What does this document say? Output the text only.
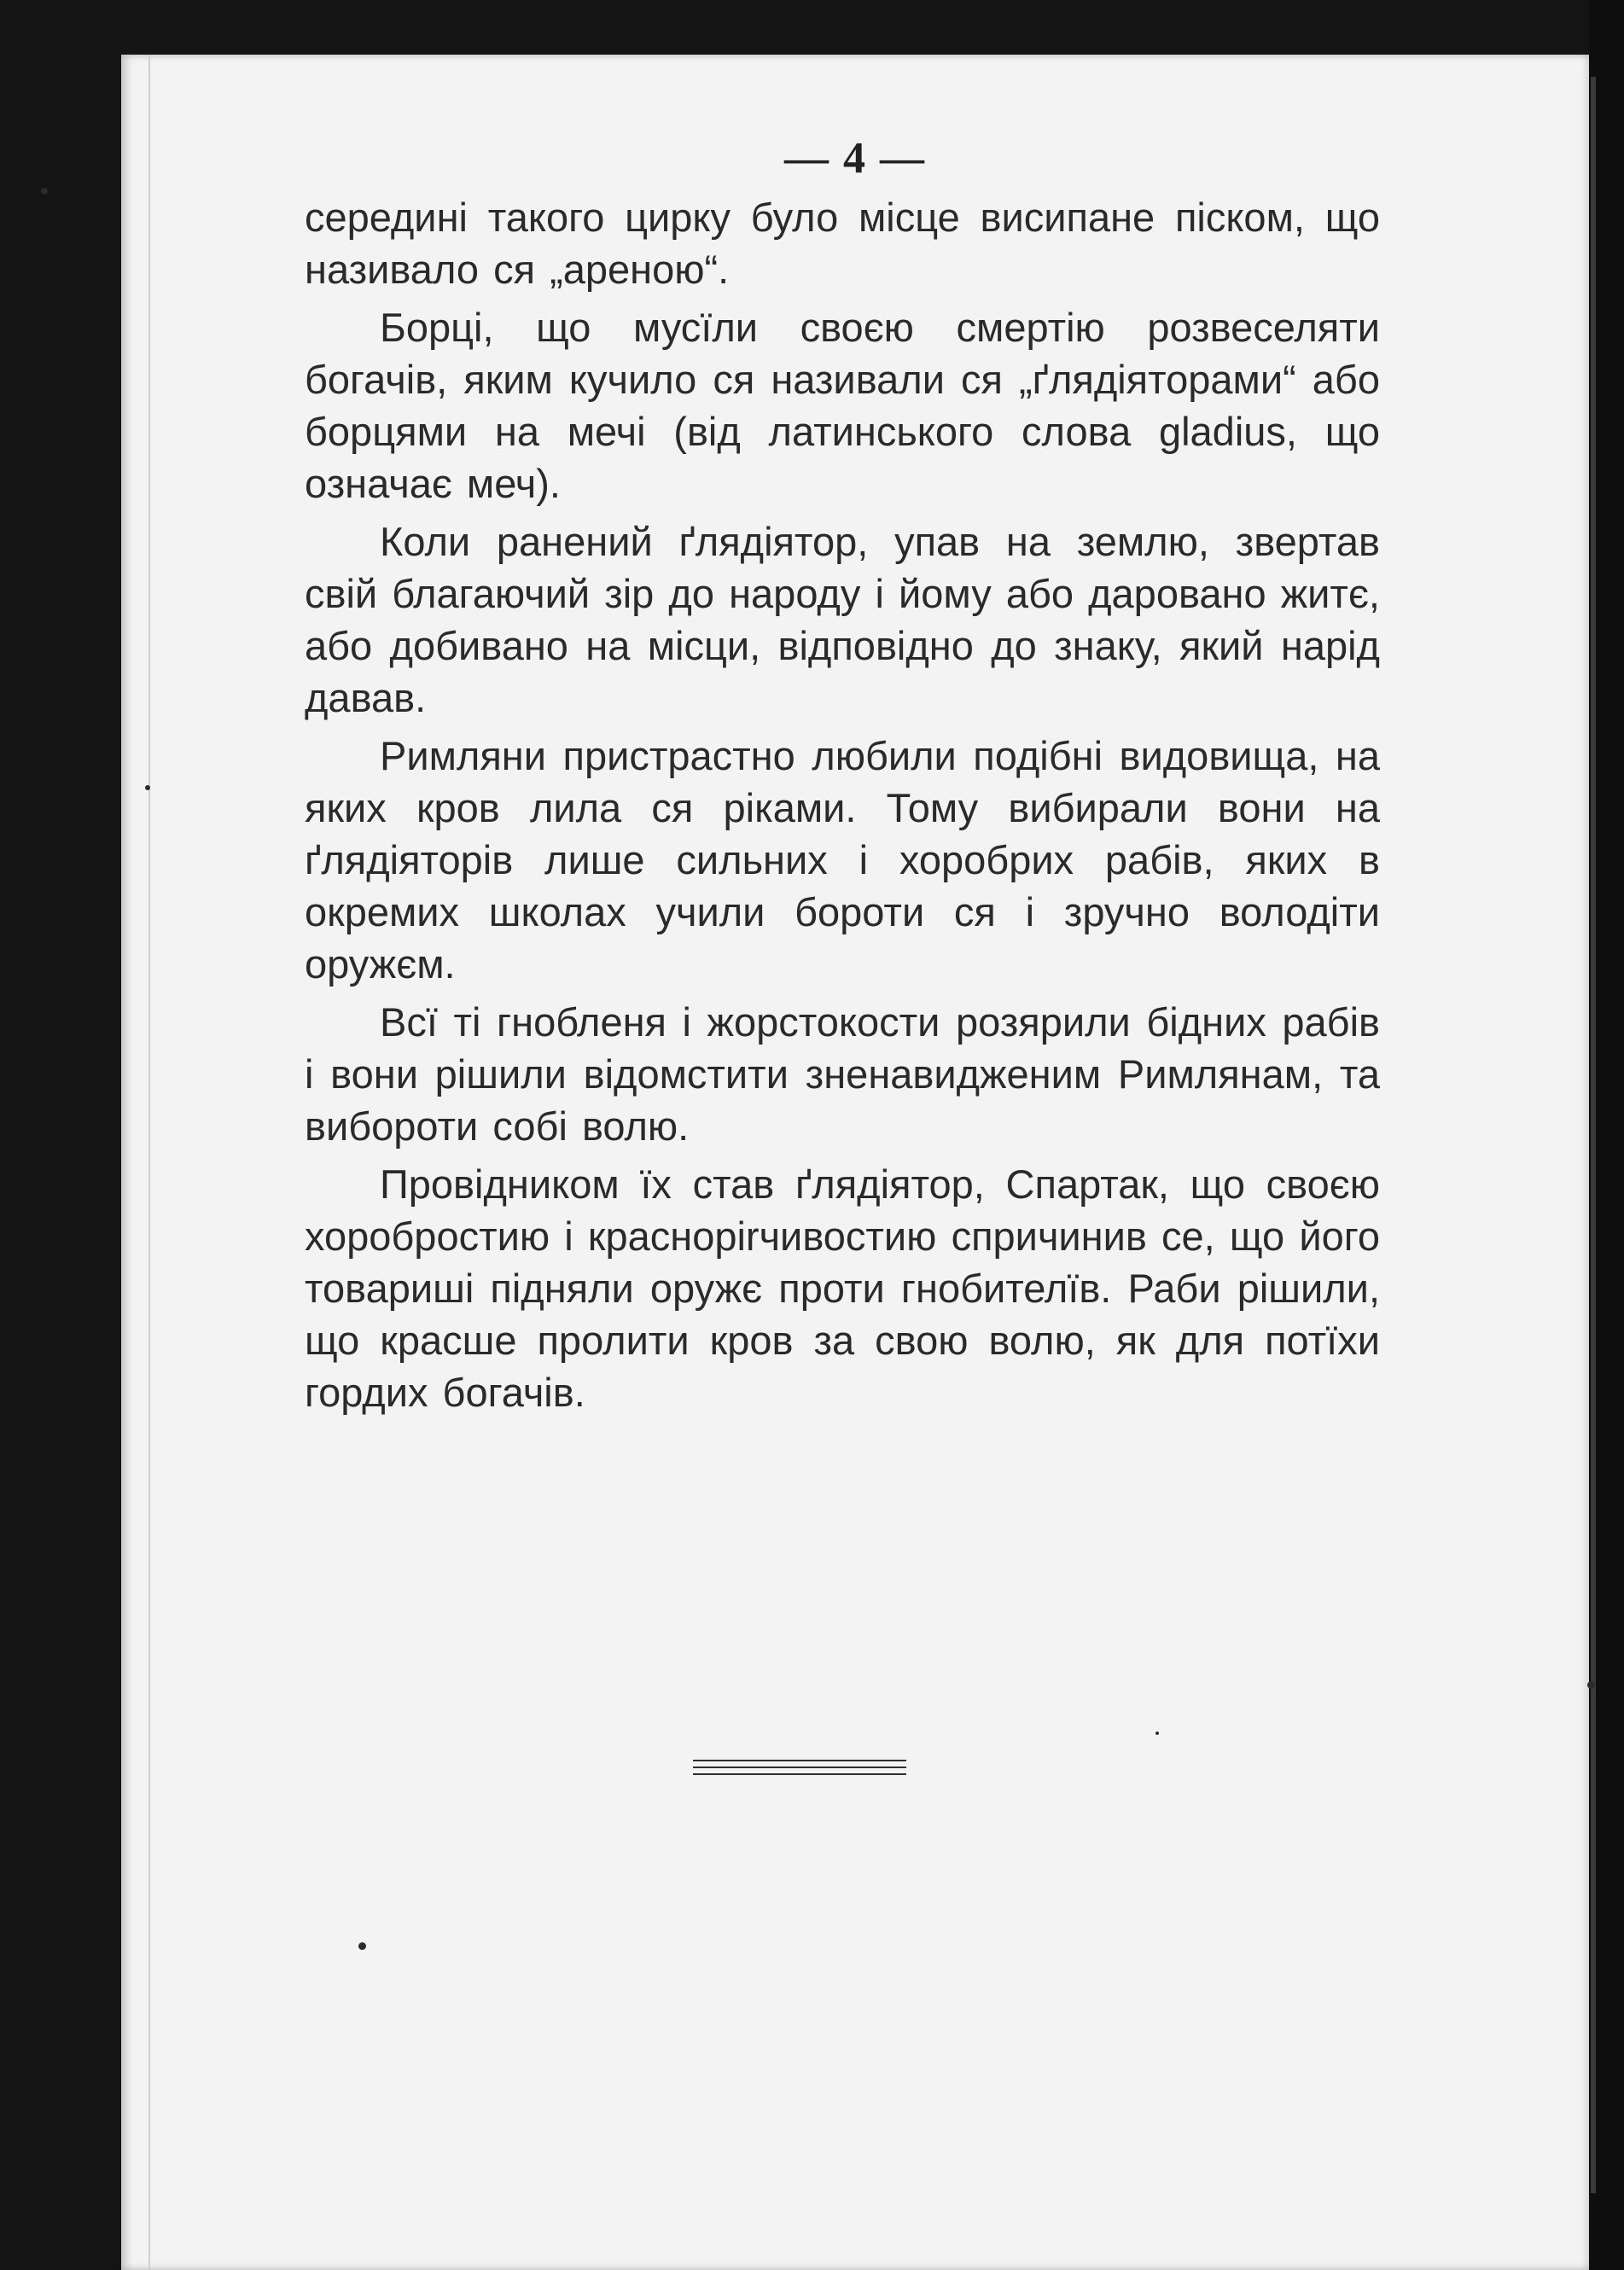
— 4 —

середині такого цирку було місце висипане піском, що називало ся „ареною“.

Борці, що мусїли своєю смертію розвеселяти богачів, яким кучило ся називали ся „ґлядіяторами“ або борцями на мечі (від латинського слова gladius, що означає меч).

Коли ранений ґлядіятор, упав на землю, звертав свій благаючий зір до народу і йому або даровано житє, або добивано на місци, відповідно до знаку, який нарід давав.

Римляни пристрастно любили подібні видовища, на яких кров лила ся ріками. Тому вибирали вони на ґлядіяторів лише сильних і хоробрих рабів, яких в окремих школах учили бороти ся і зручно володіти оружєм.

Всї ті гнобленя і жорстокости розярили бідних рабів і вони рішили відомстити зненавидженим Римлянам, та вибороти собі волю.

Провідником їх став ґлядіятор, Спартак, що своєю хоробростию і красноріrчивостию спричинив се, що його товариші підняли оружє проти гнобителїв. Раби рішили, що красше пролити кров за свою волю, як для потїхи гордих богачів.
